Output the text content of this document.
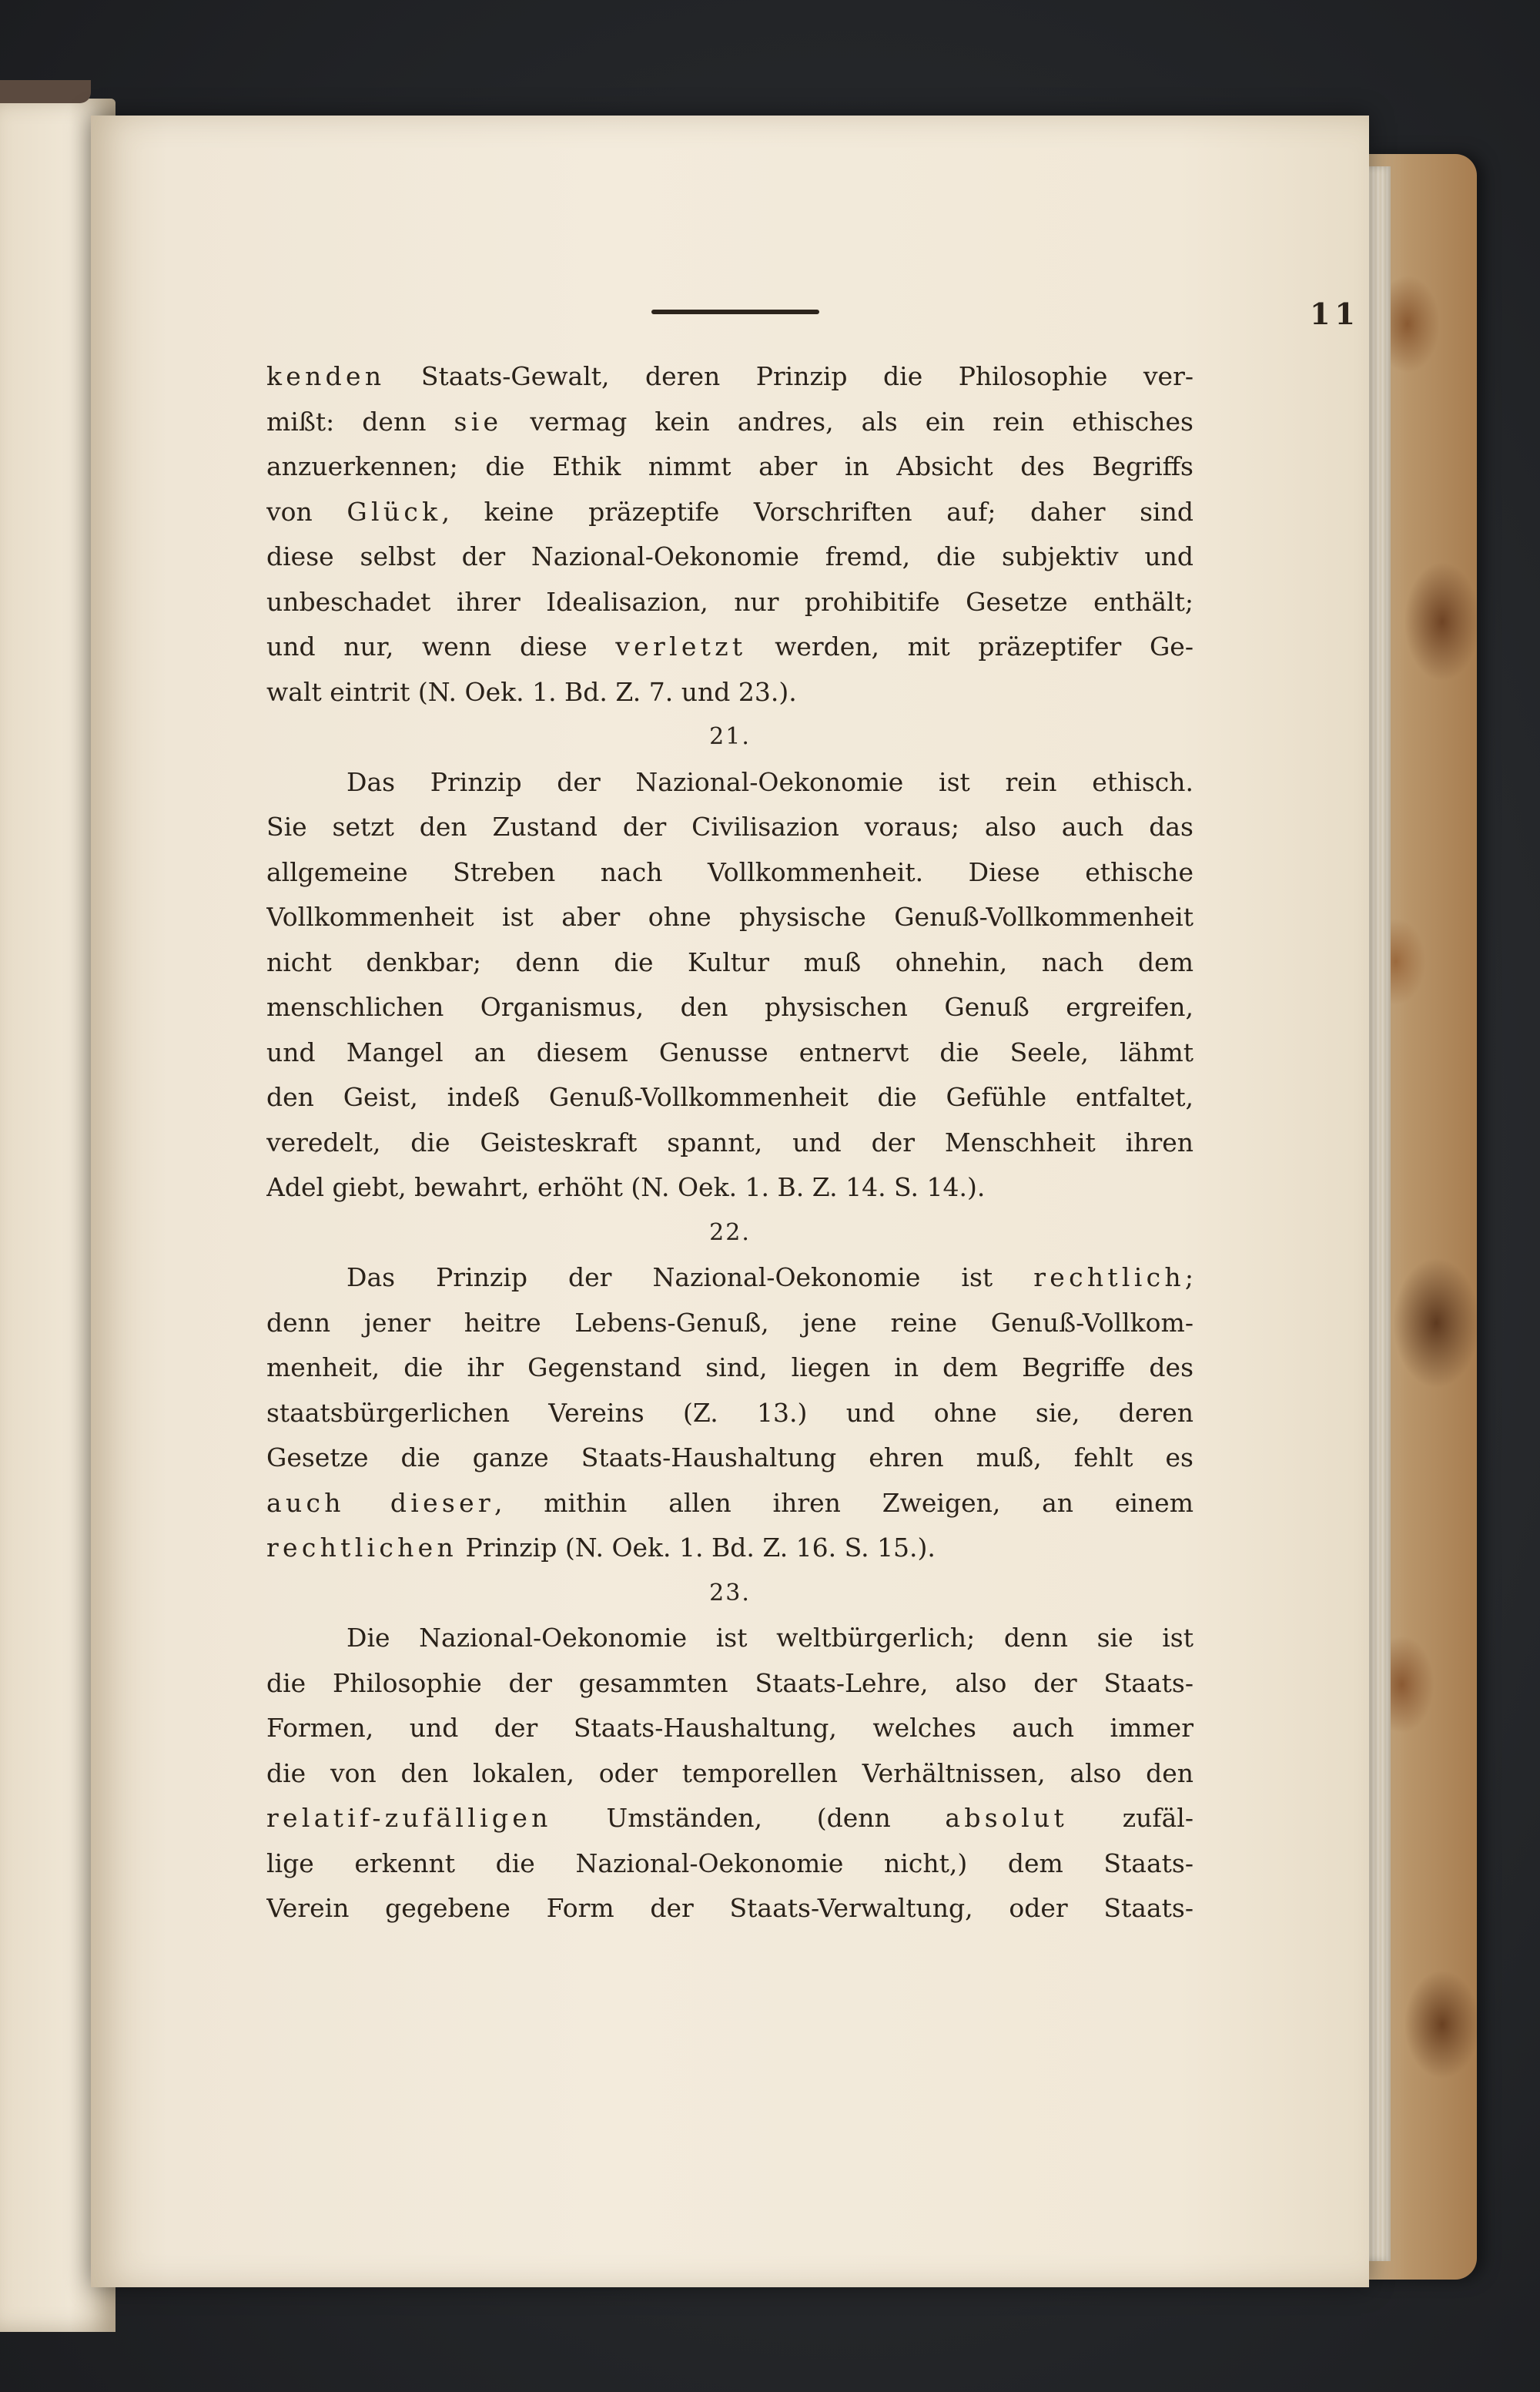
11
kenden Staats-Gewalt, deren Prinzip die Philosophie ver-
mißt: denn sie vermag kein andres, als ein rein ethisches
anzuerkennen; die Ethik nimmt aber in Absicht des Begriffs
von Glück, keine präzeptife Vorschriften auf; daher sind
diese selbst der Nazional-Oekonomie fremd, die subjektiv und
unbeschadet ihrer Idealisazion, nur prohibitife Gesetze enthält;
und nur, wenn diese verletzt werden, mit präzeptifer Ge-
walt eintrit (N. Oek. 1. Bd. Z. 7. und 23.).
21.
Das Prinzip der Nazional-Oekonomie ist rein ethisch.
Sie setzt den Zustand der Civilisazion voraus; also auch das
allgemeine Streben nach Vollkommenheit. Diese ethische
Vollkommenheit ist aber ohne physische Genuß-Vollkommenheit
nicht denkbar; denn die Kultur muß ohnehin, nach dem
menschlichen Organismus, den physischen Genuß ergreifen,
und Mangel an diesem Genusse entnervt die Seele, lähmt
den Geist, indeß Genuß-Vollkommenheit die Gefühle entfaltet,
veredelt, die Geisteskraft spannt, und der Menschheit ihren
Adel giebt, bewahrt, erhöht (N. Oek. 1. B. Z. 14. S. 14.).
22.
Das Prinzip der Nazional-Oekonomie ist rechtlich;
denn jener heitre Lebens-Genuß, jene reine Genuß-Vollkom-
menheit, die ihr Gegenstand sind, liegen in dem Begriffe des
staatsbürgerlichen Vereins (Z. 13.) und ohne sie, deren
Gesetze die ganze Staats-Haushaltung ehren muß, fehlt es
auch dieser, mithin allen ihren Zweigen, an einem
rechtlichen Prinzip (N. Oek. 1. Bd. Z. 16. S. 15.).
23.
Die Nazional-Oekonomie ist weltbürgerlich; denn sie ist
die Philosophie der gesammten Staats-Lehre, also der Staats-
Formen, und der Staats-Haushaltung, welches auch immer
die von den lokalen, oder temporellen Verhältnissen, also den
relatif-zufälligen Umständen, (denn absolut zufäl-
lige erkennt die Nazional-Oekonomie nicht,) dem Staats-
Verein gegebene Form der Staats-Verwaltung, oder Staats-
